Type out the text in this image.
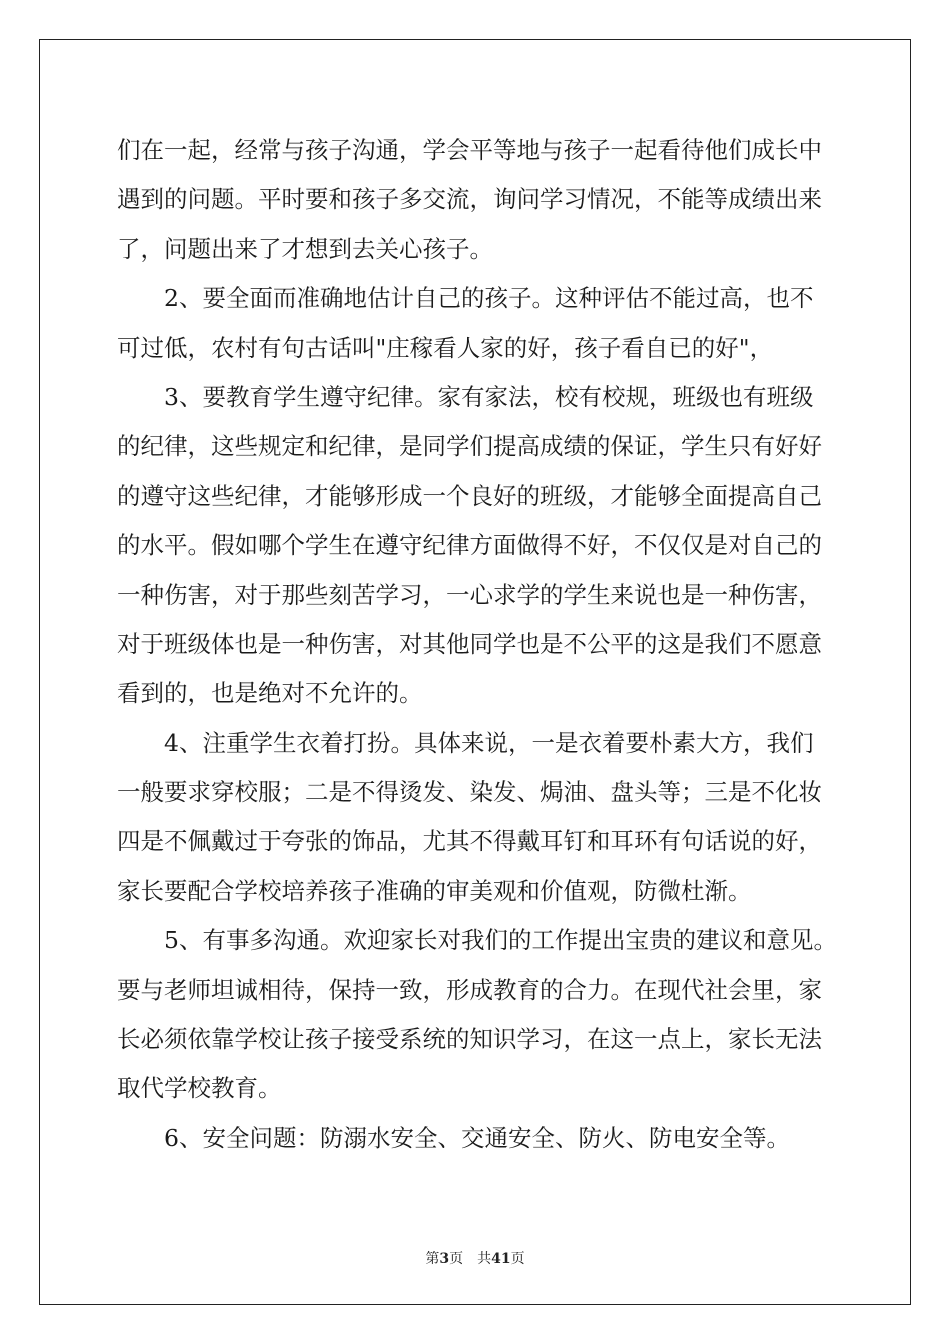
们在一起，经常与孩子沟通，学会平等地与孩子一起看待他们成长中
遇到的问题。平时要和孩子多交流，询问学习情况，不能等成绩出来
了，问题出来了才想到去关心孩子。
　　2、要全面而准确地估计自己的孩子。这种评估不能过高，也不
可过低，农村有句古话叫"庄稼看人家的好，孩子看自已的好"，
　　3、要教育学生遵守纪律。家有家法，校有校规，班级也有班级
的纪律，这些规定和纪律，是同学们提高成绩的保证，学生只有好好
的遵守这些纪律，才能够形成一个良好的班级，才能够全面提高自己
的水平。假如哪个学生在遵守纪律方面做得不好，不仅仅是对自己的
一种伤害，对于那些刻苦学习，一心求学的学生来说也是一种伤害，
对于班级体也是一种伤害，对其他同学也是不公平的这是我们不愿意
看到的，也是绝对不允许的。
　　4、注重学生衣着打扮。具体来说，一是衣着要朴素大方，我们
一般要求穿校服；二是不得烫发、染发、焗油、盘头等；三是不化妆
四是不佩戴过于夸张的饰品，尤其不得戴耳钉和耳环有句话说的好，
家长要配合学校培养孩子准确的审美观和价值观，防微杜渐。
　　5、有事多沟通。欢迎家长对我们的工作提出宝贵的建议和意见。
要与老师坦诚相待，保持一致，形成教育的合力。在现代社会里，家
长必须依靠学校让孩子接受系统的知识学习，在这一点上，家长无法
取代学校教育。
　　6、安全问题：防溺水安全、交通安全、防火、防电安全等。
第3页 共41页
